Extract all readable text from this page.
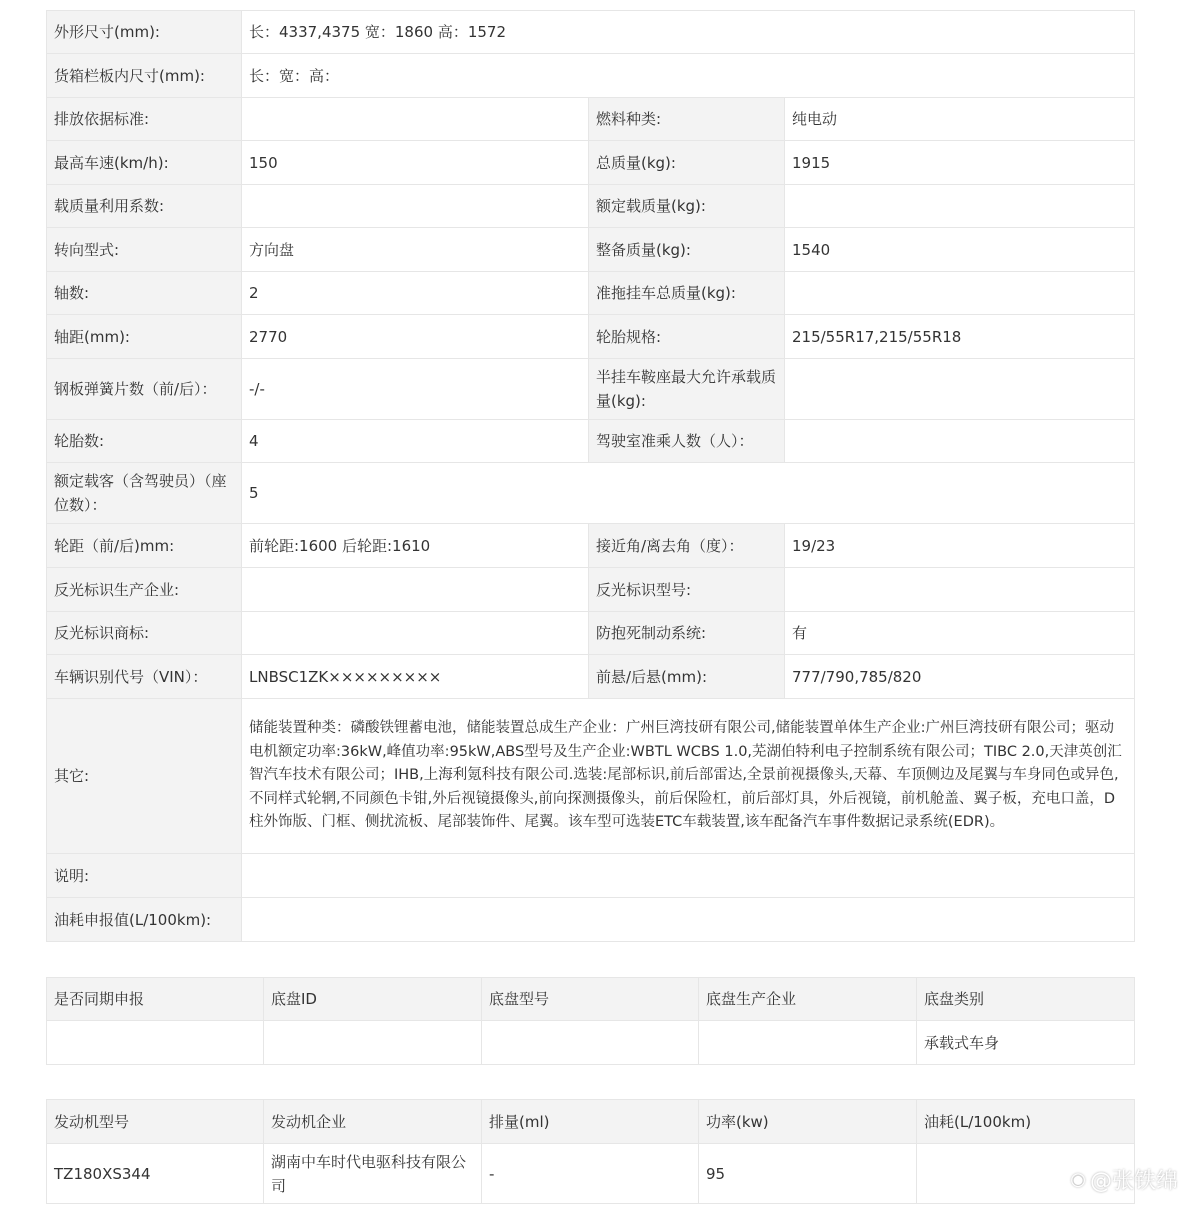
外形尺寸(mm):	长：4337,4375 宽：1860 高：1572		
货箱栏板内尺寸(mm):	长：宽：高：		
排放依据标准:		燃料种类:	纯电动
最高车速(km/h):	150	总质量(kg):	1915
载质量利用系数:		额定载质量(kg):	
转向型式:	方向盘	整备质量(kg):	1540
轴数:	2	准拖挂车总质量(kg):	
轴距(mm):	2770	轮胎规格:	215/55R17,215/55R18
钢板弹簧片数（前/后）：	-/-	半挂车鞍座最大允许承载质量(kg):	
轮胎数:	4	驾驶室准乘人数（人）：	
额定载客（含驾驶员）（座位数）：	5		
轮距（前/后)mm:	前轮距:1600 后轮距:1610	接近角/离去角（度）：	19/23
反光标识生产企业:		反光标识型号:	
反光标识商标:		防抱死制动系统:	有
车辆识别代号（VIN）：	LNBSC1ZK×××××××××	前悬/后悬(mm):	777/790,785/820
其它:	储能装置种类：磷酸铁锂蓄电池，储能装置总成生产企业：广州巨湾技研有限公司,储能装置单体生产企业:广州巨湾技研有限公司；驱动电机额定功率:36kW,峰值功率:95kW,ABS型号及生产企业:WBTL WCBS 1.0,芜湖伯特利电子控制系统有限公司；TIBC 2.0,天津英创汇智汽车技术有限公司；IHB,上海利氪科技有限公司.选装:尾部标识,前后部雷达,全景前视摄像头,天幕、车顶侧边及尾翼与车身同色或异色,不同样式轮辋,不同颜色卡钳,外后视镜摄像头,前向探测摄像头，前后保险杠，前后部灯具，外后视镜，前机舱盖、翼子板，充电口盖，D柱外饰版、门框、侧扰流板、尾部装饰件、尾翼。该车型可选装ETC车载装置,该车配备汽车事件数据记录系统(EDR)。		
说明:			
油耗申报值(L/100km):			
是否同期申报	底盘ID	底盘型号	底盘生产企业	底盘类别
				承载式车身
发动机型号	发动机企业	排量(ml)	功率(kw)	油耗(L/100km)
TZ180XS344	湖南中车时代电驱科技有限公司	-	95		◉ @张铁绵
